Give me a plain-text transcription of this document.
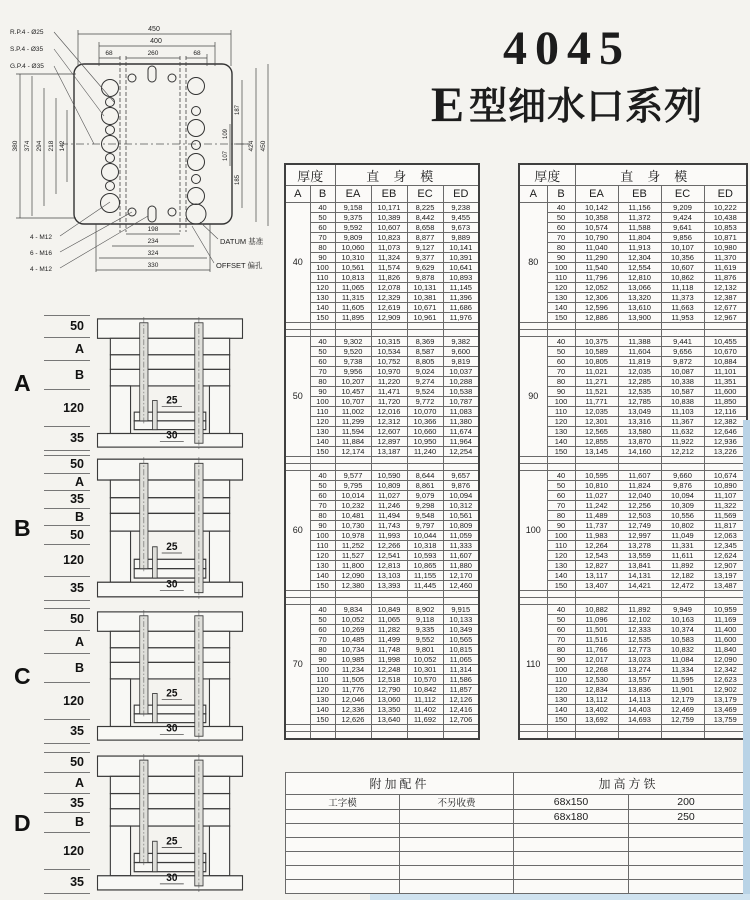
4045
E 型细水口系列
450
400
68	260	68
380 374 294 218 142
187
109
107
185
424 450
198
234
324
330
R.P.4 - Ø25
S.P.4 - Ø35
G.P.4 - Ø35
4 - M12
6 - M16
4 - M12
DATUM 基准
OFFSET 偏孔
A
50
A
B
120
35
25
30
B
50
A
35
B
50
120
35
25
30
C
50
A
B
120
35
25
30
D
50
A
35
B
120
35
25
30
厚度		直身模			
A	B	EA	EB	EC	ED
40	40	9,158	10,171	8,225	9,238
	50	9,375	10,389	8,442	9,455
	60	9,592	10,607	8,658	9,673
	70	9,809	10,823	8,877	9,889
	80	10,060	11,073	9,127	10,141
	90	10,310	11,324	9,377	10,391
	100	10,561	11,574	9,629	10,641
	110	10,813	11,826	9,878	10,893
	120	11,065	12,078	10,131	11,145
	130	11,315	12,329	10,381	11,396
	140	11,605	12,619	10,671	11,686
	150	11,895	12,909	10,961	11,976

50	40	9,302	10,315	8,369	9,382
	50	9,520	10,534	8,587	9,600
	60	9,738	10,752	8,805	9,819
	70	9,956	10,970	9,024	10,037
	80	10,207	11,220	9,274	10,288
	90	10,457	11,471	9,524	10,538
	100	10,707	11,720	9,772	10,787
	110	11,002	12,016	10,070	11,083
	120	11,299	12,312	10,366	11,380
	130	11,594	12,607	10,660	11,674
	140	11,884	12,897	10,950	11,964
	150	12,174	13,187	11,240	12,254

60	40	9,577	10,590	8,644	9,657
	50	9,795	10,809	8,861	9,876
	60	10,014	11,027	9,079	10,094
	70	10,232	11,246	9,298	10,312
	80	10,481	11,494	9,548	10,561
	90	10,730	11,743	9,797	10,809
	100	10,978	11,993	10,044	11,059
	110	11,252	12,266	10,318	11,333
	120	11,527	12,541	10,593	11,607
	130	11,800	12,813	10,865	11,880
	140	12,090	13,103	11,155	12,170
	150	12,380	13,393	11,445	12,460

70	40	9,834	10,849	8,902	9,915
	50	10,052	11,065	9,118	10,133
	60	10,269	11,282	9,335	10,349
	70	10,485	11,499	9,552	10,565
	80	10,734	11,748	9,801	10,815
	90	10,985	11,998	10,052	11,065
	100	11,234	12,248	10,301	11,314
	110	11,505	12,518	10,570	11,586
	120	11,776	12,790	10,842	11,857
	130	12,046	13,060	11,112	12,126
	140	12,336	13,350	11,402	12,416
	150	12,626	13,640	11,692	12,706

厚度		直身模			
A	B	EA	EB	EC	ED
80	40	10,142	11,156	9,209	10,222
	50	10,358	11,372	9,424	10,438
	60	10,574	11,588	9,641	10,853
	70	10,790	11,804	9,856	10,871
	80	11,040	11,913	10,107	10,980
	90	11,290	12,304	10,356	11,370
	100	11,540	12,554	10,607	11,619
	110	11,796	12,810	10,862	11,876
	120	12,052	13,066	11,118	12,132
	130	12,306	13,320	11,373	12,387
	140	12,596	13,610	11,663	12,677
	150	12,886	13,900	11,953	12,967

90	40	10,375	11,388	9,441	10,455
	50	10,589	11,604	9,656	10,670
	60	10,805	11,819	9,872	10,884
	70	11,021	12,035	10,087	11,101
	80	11,271	12,285	10,338	11,351
	90	11,521	12,535	10,587	11,600
	100	11,771	12,785	10,838	11,850
	110	12,035	13,049	11,103	12,116
	120	12,301	13,316	11,367	12,382
	130	12,565	13,580	11,632	12,646
	140	12,855	13,870	11,922	12,936
	150	13,145	14,160	12,212	13,226

100	40	10,595	11,607	9,660	10,674
	50	10,810	11,824	9,876	10,890
	60	11,027	12,040	10,094	11,107
	70	11,242	12,256	10,309	11,322
	80	11,489	12,503	10,556	11,569
	90	11,737	12,749	10,802	11,817
	100	11,983	12,997	11,049	12,063
	110	12,264	13,278	11,331	12,345
	120	12,543	13,559	11,611	12,624
	130	12,827	13,841	11,892	12,907
	140	13,117	14,131	12,182	13,197
	150	13,407	14,421	12,472	13,487

110	40	10,882	11,892	9,949	10,959
	50	11,096	12,102	10,163	11,169
	60	11,501	12,333	10,374	11,400
	70	11,516	12,535	10,583	11,600
	80	11,766	12,773	10,832	11,840
	90	12,017	13,023	11,084	12,090
	100	12,268	13,274	11,334	12,342
	110	12,530	13,557	11,595	12,623
	120	12,834	13,836	11,901	12,902
	130	13,112	14,113	12,179	13,179
	140	13,402	14,403	12,469	13,469
	150	13,692	14,693	12,759	13,759

附加配件		加高方铁	
工字模	不另收费	68x150	200
		68x180	250
